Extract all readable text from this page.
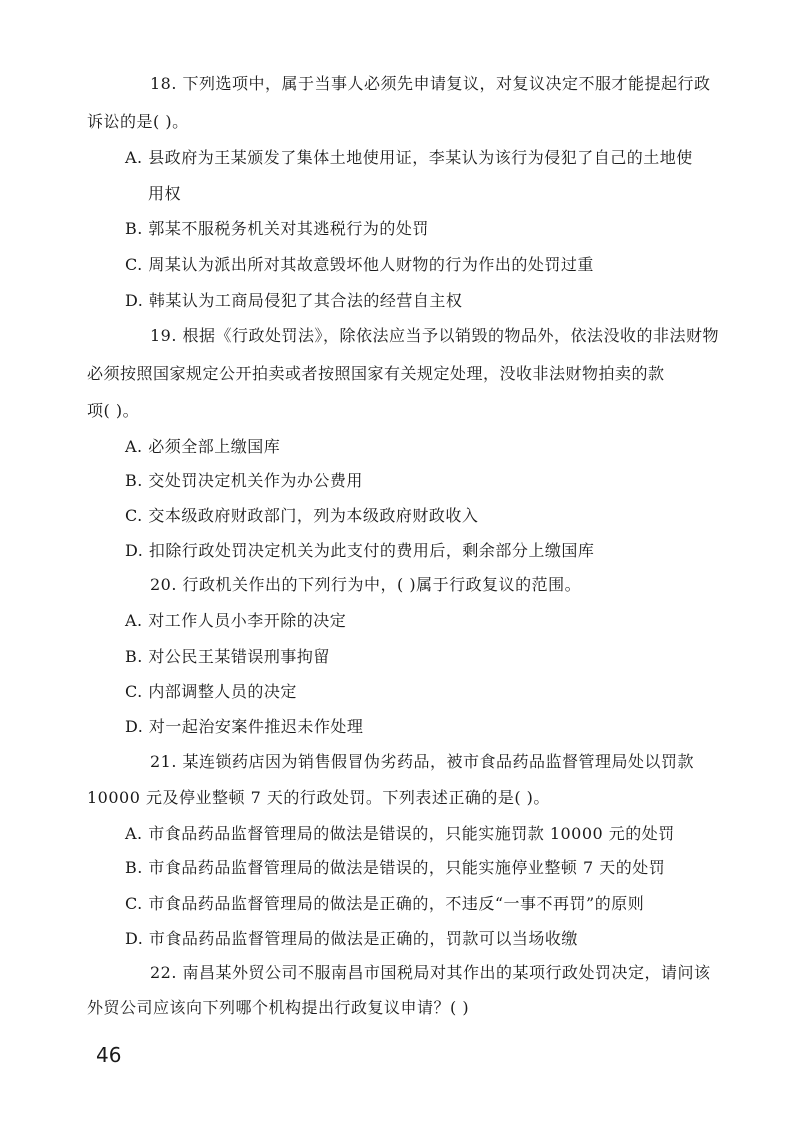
18. 下列选项中，属于当事人必须先申请复议，对复议决定不服才能提起行政
诉讼的是( )。
A. 县政府为王某颁发了集体土地使用证，李某认为该行为侵犯了自己的土地使
用权
B. 郭某不服税务机关对其逃税行为的处罚
C. 周某认为派出所对其故意毁坏他人财物的行为作出的处罚过重
D. 韩某认为工商局侵犯了其合法的经营自主权
19. 根据《行政处罚法》，除依法应当予以销毁的物品外，依法没收的非法财物
必须按照国家规定公开拍卖或者按照国家有关规定处理，没收非法财物拍卖的款
项( )。
A. 必须全部上缴国库
B. 交处罚决定机关作为办公费用
C. 交本级政府财政部门，列为本级政府财政收入
D. 扣除行政处罚决定机关为此支付的费用后，剩余部分上缴国库
20. 行政机关作出的下列行为中，( )属于行政复议的范围。
A. 对工作人员小李开除的决定
B. 对公民王某错误刑事拘留
C. 内部调整人员的决定
D. 对一起治安案件推迟未作处理
21. 某连锁药店因为销售假冒伪劣药品，被市食品药品监督管理局处以罚款
10000 元及停业整顿 7 天的行政处罚。下列表述正确的是( )。
A. 市食品药品监督管理局的做法是错误的，只能实施罚款 10000 元的处罚
B. 市食品药品监督管理局的做法是错误的，只能实施停业整顿 7 天的处罚
C. 市食品药品监督管理局的做法是正确的，不违反“一事不再罚”的原则
D. 市食品药品监督管理局的做法是正确的，罚款可以当场收缴
22. 南昌某外贸公司不服南昌市国税局对其作出的某项行政处罚决定，请问该
外贸公司应该向下列哪个机构提出行政复议申请？( )
46
